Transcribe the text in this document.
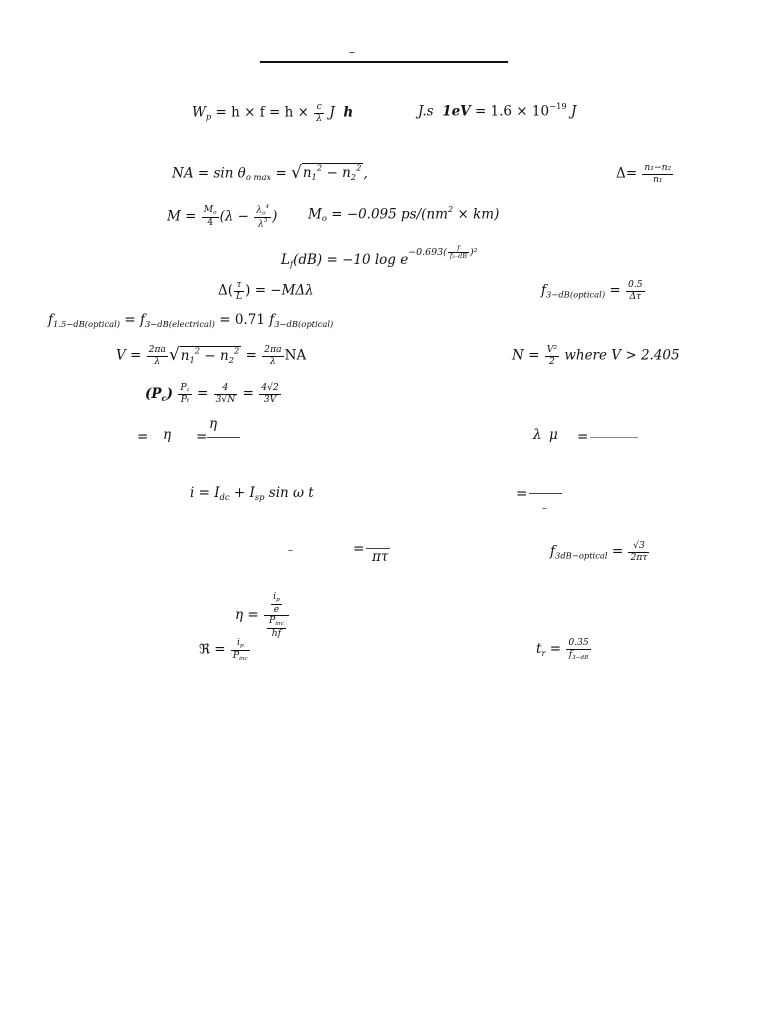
–
$W_p = h \times f = h \times \frac{c}{\lambda}$ J h	J.s $1eV = 1.6 \times 10^{-19}$ J
NA = $\sin \theta_{o max} = √n_1^2 - n_2^2$ ,	$\Delta= \frac{\text{n₁−n₂}}{\text{n₁}}$
$M = \frac{M_o}{4} (\lambda - \frac{\lambda_o^4}{\lambda^3}$ ) $M_o = -0.095$ $ps/(nm^2 \times km)$
$L_f(dB) = -10$ $\log e^{-0.693( \frac{f}{\text{f₃₋dB}} )^2}$
$\Delta( \frac{\tau}{L}$ ) = −MΔλ	$f_{3-dB(optical)} = \frac{0.5}{\Delta\tau}$
$f_{1.5-dB(optical)} = f_{3-dB(electrical)} = 0.71$ $f_{3-dB(optical)}$
$V = \frac{2\pi a}{\lambda} √n_1^2 - n_2^2 = \frac{2\pi a}{\lambda}$ NA	$N = \frac{\text{V²}}{2}$ where V > 2.405
$(P_c) \frac{P꜀}{\text{Pₜ}} = \frac{4}{3√N} = \frac{4√2}{3V}$
= η =
η
λ μ =
$i = I_{dc} + I_{sp}$ sin ω t	=
–
–	= πτ	$f_{3dB-optical} = \frac{√3}{2\pi\tau}$
$\eta = \frac{i_p}{e}$
$P_{inc}$
hf
ℜ = $i_p$
$P_{inc}$
$t_r = \frac{0.35}{f_{3-dB}}$
